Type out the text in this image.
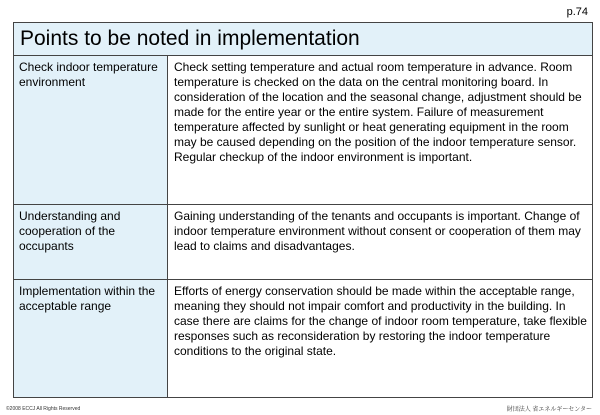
p.74
Points to be noted in implementation
Check indoor temperature environment	Check setting temperature and actual room temperature in advance. Room temperature is checked on the data on the central monitoring board. In consideration of the location and the seasonal change, adjustment should be made for the entire year or the entire system. Failure of measurement temperature affected by sunlight or heat generating equipment in the room may be caused depending on the position of the indoor temperature sensor. Regular checkup of the indoor environment is important.
Understanding and cooperation of the occupants	Gaining understanding of the tenants and occupants is important. Change of indoor temperature environment without consent or cooperation of them may lead to claims and disadvantages.
Implementation within the acceptable range	Efforts of energy conservation should be made within the acceptable range, meaning they should not impair comfort and productivity in the building. In case there are claims for the change of indoor room temperature, take flexible responses such as reconsideration by restoring the indoor temperature conditions to the original state.
©2008 ECCJ All Rights Reserved	財団法人 省エネルギーセンター
